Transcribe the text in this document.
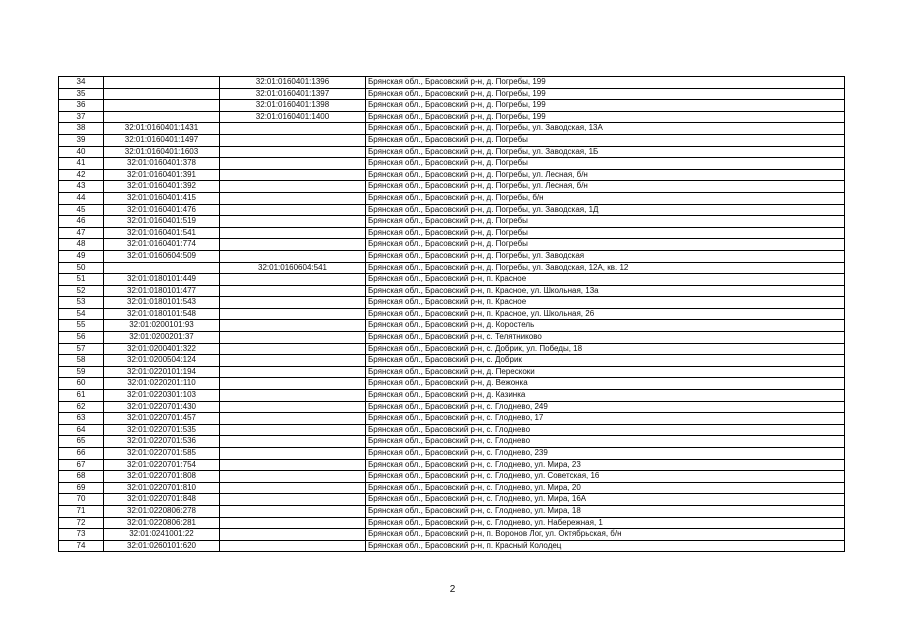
34		32:01:0160401:1396	Брянская обл., Брасовский р-н, д. Погребы, 199
35		32:01:0160401:1397	Брянская обл., Брасовский р-н, д. Погребы, 199
36		32:01:0160401:1398	Брянская обл., Брасовский р-н, д. Погребы, 199
37		32:01:0160401:1400	Брянская обл., Брасовский р-н, д. Погребы, 199
38	32:01:0160401:1431		Брянская обл., Брасовский р-н, д. Погребы, ул. Заводская, 13А
39	32:01:0160401:1497		Брянская обл., Брасовский р-н, д. Погребы
40	32:01:0160401:1603		Брянская обл., Брасовский р-н, д. Погребы, ул. Заводская, 1Б
41	32:01:0160401:378		Брянская обл., Брасовский р-н, д. Погребы
42	32:01:0160401:391		Брянская обл., Брасовский р-н, д. Погребы, ул. Лесная, б/н
43	32:01:0160401:392		Брянская обл., Брасовский р-н, д. Погребы, ул. Лесная, б/н
44	32:01:0160401:415		Брянская обл., Брасовский р-н, д. Погребы, б/н
45	32:01:0160401:476		Брянская обл., Брасовский р-н, д. Погребы, ул. Заводская, 1Д
46	32:01:0160401:519		Брянская обл., Брасовский р-н, д. Погребы
47	32:01:0160401:541		Брянская обл., Брасовский р-н, д. Погребы
48	32:01:0160401:774		Брянская обл., Брасовский р-н, д. Погребы
49	32:01:0160604:509		Брянская обл., Брасовский р-н, д. Погребы, ул. Заводская
50		32:01:0160604:541	Брянская обл., Брасовский р-н, д. Погребы, ул. Заводская, 12А, кв. 12
51	32:01:0180101:449		Брянская обл., Брасовский р-н, п. Красное
52	32:01:0180101:477		Брянская обл., Брасовский р-н, п. Красное, ул. Школьная, 13а
53	32:01:0180101:543		Брянская обл., Брасовский р-н, п. Красное
54	32:01:0180101:548		Брянская обл., Брасовский р-н, п. Красное, ул. Школьная, 26
55	32:01:0200101:93		Брянская обл., Брасовский р-н, д. Коростель
56	32:01:0200201:37		Брянская обл., Брасовский р-н, с. Телятниково
57	32:01:0200401:322		Брянская обл., Брасовский р-н, с. Добрик, ул. Победы, 18
58	32:01:0200504:124		Брянская обл., Брасовский р-н, с. Добрик
59	32:01:0220101:194		Брянская обл., Брасовский р-н, д. Перескоки
60	32:01:0220201:110		Брянская обл., Брасовский р-н, д. Вежонка
61	32:01:0220301:103		Брянская обл., Брасовский р-н, д. Казинка
62	32:01:0220701:430		Брянская обл., Брасовский р-н, с. Глоднево, 249
63	32:01:0220701:457		Брянская обл., Брасовский р-н, с. Глоднево, 17
64	32:01:0220701:535		Брянская обл., Брасовский р-н, с. Глоднево
65	32:01:0220701:536		Брянская обл., Брасовский р-н, с. Глоднево
66	32:01:0220701:585		Брянская обл., Брасовский р-н, с. Глоднево, 239
67	32:01:0220701:754		Брянская обл., Брасовский р-н, с. Глоднево, ул. Мира, 23
68	32:01:0220701:808		Брянская обл., Брасовский р-н, с. Глоднево, ул. Советская, 16
69	32:01:0220701:810		Брянская обл., Брасовский р-н, с. Глоднево, ул. Мира, 20
70	32:01:0220701:848		Брянская обл., Брасовский р-н, с. Глоднево, ул. Мира, 16А
71	32:01:0220806:278		Брянская обл., Брасовский р-н, с. Глоднево, ул. Мира, 18
72	32:01:0220806:281		Брянская обл., Брасовский р-н, с. Глоднево, ул. Набережная, 1
73	32:01:0241001:22		Брянская обл., Брасовский р-н, п. Воронов Лог, ул. Октябрьская, б/н
74	32:01:0260101:620		Брянская обл., Брасовский р-н, п. Красный Колодец
2
